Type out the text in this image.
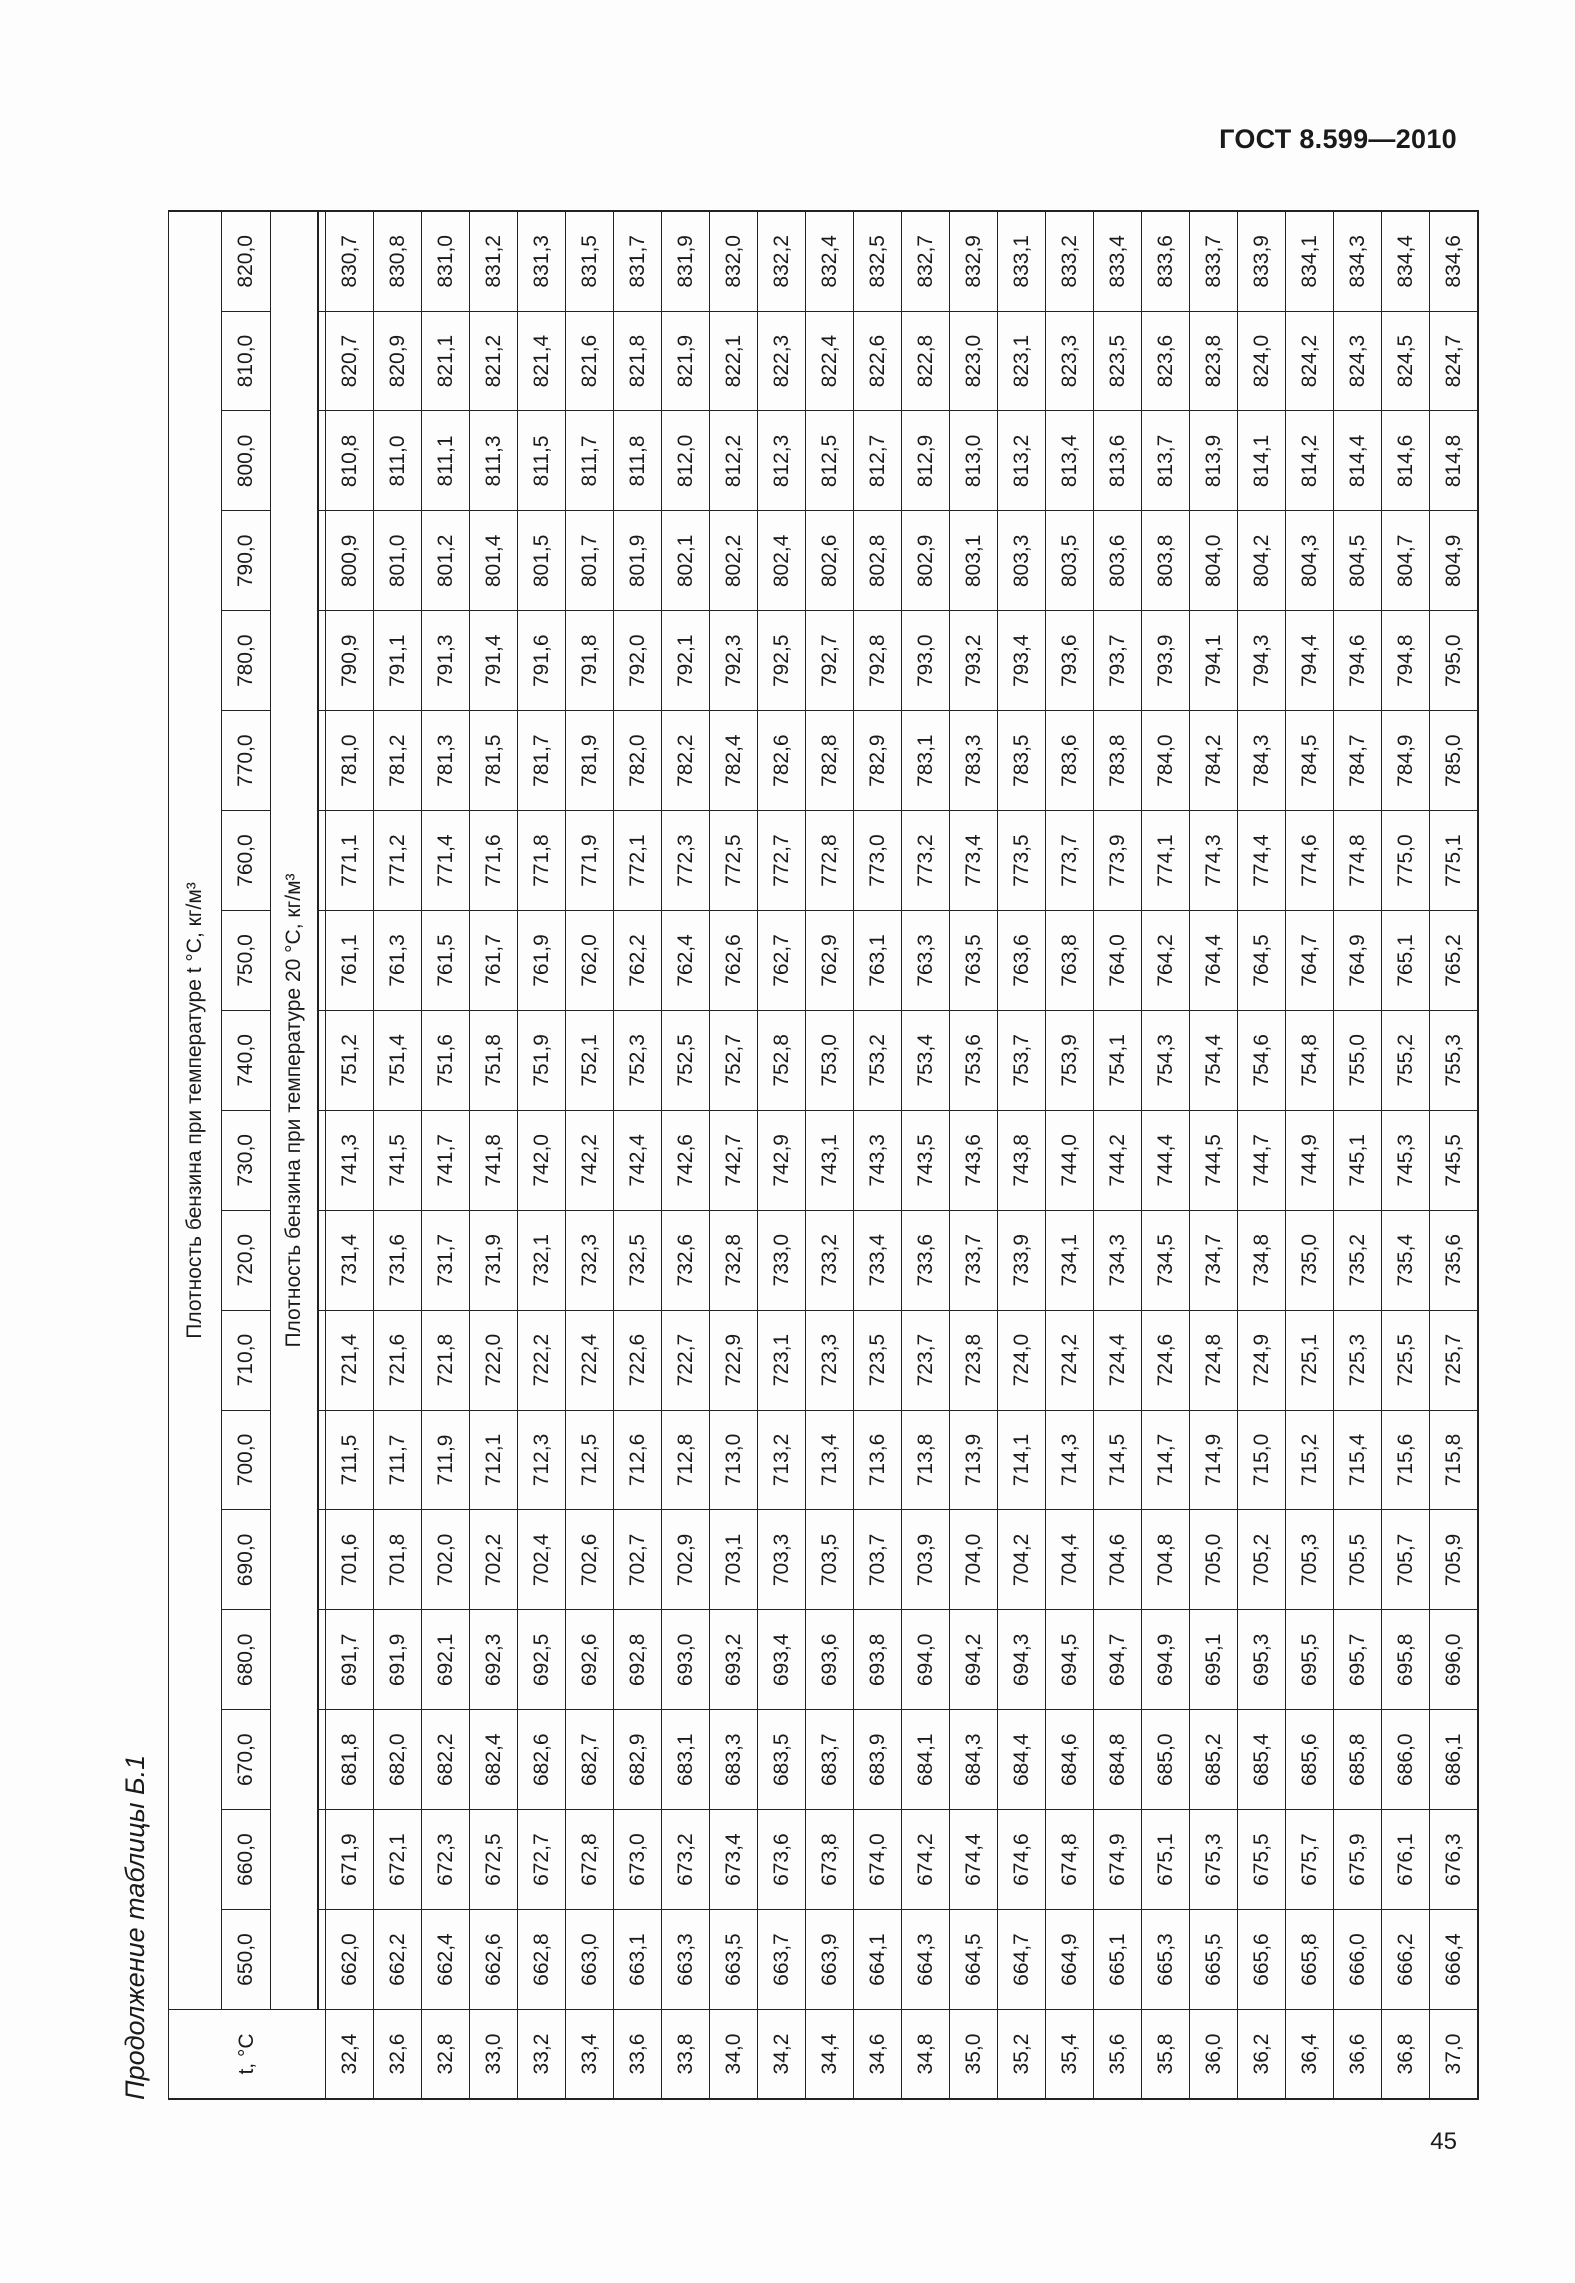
ГОСТ 8.599—2010
Продолжение таблицы Б.1	t, °C	Плотность бензина при температуре t °C, кг/м³																	
	650,0	660,0	670,0	680,0	690,0	700,0	710,0	720,0	730,0	740,0	750,0	760,0	770,0	780,0	790,0	800,0	810,0	820,0
	Плотность бензина при температуре 20 °C, кг/м³																	

32,4	662,0	671,9	681,8	691,7	701,6	711,5	721,4	731,4	741,3	751,2	761,1	771,1	781,0	790,9	800,9	810,8	820,7	830,7
32,6	662,2	672,1	682,0	691,9	701,8	711,7	721,6	731,6	741,5	751,4	761,3	771,2	781,2	791,1	801,0	811,0	820,9	830,8
32,8	662,4	672,3	682,2	692,1	702,0	711,9	721,8	731,7	741,7	751,6	761,5	771,4	781,3	791,3	801,2	811,1	821,1	831,0
33,0	662,6	672,5	682,4	692,3	702,2	712,1	722,0	731,9	741,8	751,8	761,7	771,6	781,5	791,4	801,4	811,3	821,2	831,2
33,2	662,8	672,7	682,6	692,5	702,4	712,3	722,2	732,1	742,0	751,9	761,9	771,8	781,7	791,6	801,5	811,5	821,4	831,3
33,4	663,0	672,8	682,7	692,6	702,6	712,5	722,4	732,3	742,2	752,1	762,0	771,9	781,9	791,8	801,7	811,7	821,6	831,5
33,6	663,1	673,0	682,9	692,8	702,7	712,6	722,6	732,5	742,4	752,3	762,2	772,1	782,0	792,0	801,9	811,8	821,8	831,7
33,8	663,3	673,2	683,1	693,0	702,9	712,8	722,7	732,6	742,6	752,5	762,4	772,3	782,2	792,1	802,1	812,0	821,9	831,9
34,0	663,5	673,4	683,3	693,2	703,1	713,0	722,9	732,8	742,7	752,7	762,6	772,5	782,4	792,3	802,2	812,2	822,1	832,0
34,2	663,7	673,6	683,5	693,4	703,3	713,2	723,1	733,0	742,9	752,8	762,7	772,7	782,6	792,5	802,4	812,3	822,3	832,2
34,4	663,9	673,8	683,7	693,6	703,5	713,4	723,3	733,2	743,1	753,0	762,9	772,8	782,8	792,7	802,6	812,5	822,4	832,4
34,6	664,1	674,0	683,9	693,8	703,7	713,6	723,5	733,4	743,3	753,2	763,1	773,0	782,9	792,8	802,8	812,7	822,6	832,5
34,8	664,3	674,2	684,1	694,0	703,9	713,8	723,7	733,6	743,5	753,4	763,3	773,2	783,1	793,0	802,9	812,9	822,8	832,7
35,0	664,5	674,4	684,3	694,2	704,0	713,9	723,8	733,7	743,6	753,6	763,5	773,4	783,3	793,2	803,1	813,0	823,0	832,9
35,2	664,7	674,6	684,4	694,3	704,2	714,1	724,0	733,9	743,8	753,7	763,6	773,5	783,5	793,4	803,3	813,2	823,1	833,1
35,4	664,9	674,8	684,6	694,5	704,4	714,3	724,2	734,1	744,0	753,9	763,8	773,7	783,6	793,6	803,5	813,4	823,3	833,2
35,6	665,1	674,9	684,8	694,7	704,6	714,5	724,4	734,3	744,2	754,1	764,0	773,9	783,8	793,7	803,6	813,6	823,5	833,4
35,8	665,3	675,1	685,0	694,9	704,8	714,7	724,6	734,5	744,4	754,3	764,2	774,1	784,0	793,9	803,8	813,7	823,6	833,6
36,0	665,5	675,3	685,2	695,1	705,0	714,9	724,8	734,7	744,5	754,4	764,4	774,3	784,2	794,1	804,0	813,9	823,8	833,7
36,2	665,6	675,5	685,4	695,3	705,2	715,0	724,9	734,8	744,7	754,6	764,5	774,4	784,3	794,3	804,2	814,1	824,0	833,9
36,4	665,8	675,7	685,6	695,5	705,3	715,2	725,1	735,0	744,9	754,8	764,7	774,6	784,5	794,4	804,3	814,2	824,2	834,1
36,6	666,0	675,9	685,8	695,7	705,5	715,4	725,3	735,2	745,1	755,0	764,9	774,8	784,7	794,6	804,5	814,4	824,3	834,3
36,8	666,2	676,1	686,0	695,8	705,7	715,6	725,5	735,4	745,3	755,2	765,1	775,0	784,9	794,8	804,7	814,6	824,5	834,4
37,0	666,4	676,3	686,1	696,0	705,9	715,8	725,7	735,6	745,5	755,3	765,2	775,1	785,0	795,0	804,9	814,8	824,7	834,6
45
